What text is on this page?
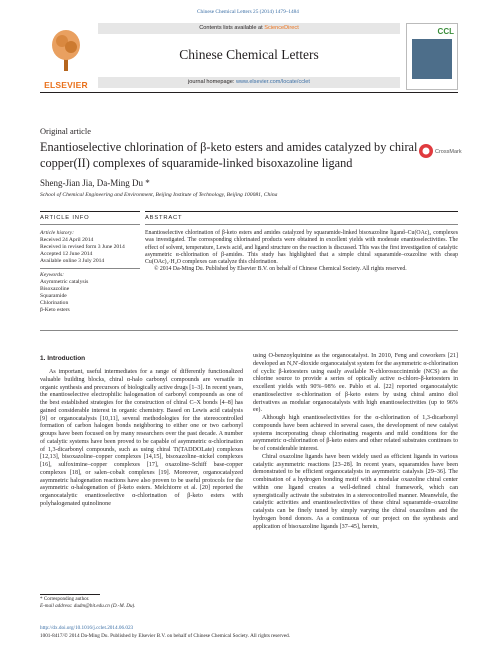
Chinese Chemical Letters 25 (2014) 1479–1484
ELSEVIER
Contents lists available at ScienceDirect
Chinese Chemical Letters
journal homepage: www.elsevier.com/locate/cclet
CCL
Original article
Enantioselective chlorination of β-keto esters and amides catalyzed by chiral copper(II) complexes of squaramide-linked bisoxazoline ligand
CrossMark
Sheng-Jian Jia, Da-Ming Du *
School of Chemical Engineering and Environment, Beijing Institute of Technology, Beijing 100081, China
ARTICLE INFO	ABSTRACT
Article history:
Received 24 April 2014
Received in revised form 3 June 2014
Accepted 12 June 2014
Available online 3 July 2014
Keywords:
Asymmetric catalysis
Bisoxazoline
Squaramide
Chlorination
β-Keto esters
Enantioselective chlorination of β-keto esters and amides catalyzed by squaramide-linked bisoxazoline ligand–Cu(OAc)₂ complexes was investigated. The corresponding chlorinated products were obtained in excellent yields with moderate enantioselectivities. The effect of solvent, temperature, Lewis acid, and ligand structure on the reaction is discussed. This was the first investigation of catalytic asymmetric α-chlorination of β-amides. This study has highlighted that a simple chiral squaramide–oxazoline with cheap Cu(OAc)₂·H₂O complexes can catalyze this chlorination.
© 2014 Da-Ming Du. Published by Elsevier B.V. on behalf of Chinese Chemical Society. All rights reserved.
1. Introduction

As important, useful intermediates for a range of differently functionalized valuable building blocks, chiral α-halo carbonyl compounds are versatile in organic synthesis and precursors of biologically active drugs [1–3]. In recent years, the enantioselective electrophilic halogenation of carbonyl compounds as one of the best established strategies for the construction of chiral C–X bonds [4–8] has gained considerable interest in organic chemistry. Based on Lewis acid catalysis [9] or organocatalysis [10,11], several methodologies for the stereocontrolled formation of carbon halogen bonds neighboring to either one or two carbonyl groups have been focused on by many researchers over the past decade. A number of catalytic systems have been proved to be capable of asymmetric α-chlorination of 1,3-dicarbonyl compounds, such as using chiral Ti(TADDOLate) complexes [12,13], bisoxazoline–copper complexes [14,15], bisoxazoline–nickel complexes [16], sulfoximine–copper complexes [17], oxazoline–Schiff base-copper complexes [18], or salen–cobalt complexes [19]. Moreover, organocatalyzed asymmetric halogenation reactions have also proven to be useful protocols for the asymmetric α-halogenation of β-keto esters. Melchiorre et al. [20] reported the organocatalytic enantioselective α-chlorination of β-keto esters with polyhalogenated quinolinone

using O-benzoylquinine as the organocatalyst. In 2010, Feng and coworkers [21] developed an N,N′-dioxide organocatalyst system for the asymmetric α-chlorination of cyclic β-ketoesters using easily available N-chlorosuccinimide (NCS) as the chlorine source to provide a series of optically active α-chloro-β-ketoesters in excellent yields with 90%–98% ee. Pablo et al. [22] reported organocatalytic enantioselective α-chlorination of β-keto esters by using chiral amino diol derivatives as modular organocatalysts with high enantioselectivities (up to 96% ee).

Although high enantioselectivities for the α-chlorination of 1,3-dicarbonyl compounds have been achieved in several cases, the development of new catalyst systems incorporating cheap chlorinating reagents and mild conditions for the asymmetric α-chlorination of β-keto esters and other related substrates continues to be of considerable interest.

Chiral oxazoline ligands have been widely used as efficient ligands in various catalytic asymmetric reactions [23–28]. In recent years, squaramides have been demonstrated to be efficient organocatalysts in asymmetric catalysis [29–36]. The combination of a hydrogen bonding motif with a modular oxazoline chiral center within one ligand creates a well-defined chiral framework, which can synergistically activate the substrates in a stereocontrolled manner. Meanwhile, the catalytic activities and enantioselectivities of these chiral squaramide–oxazoline catalysts can be finely tuned by simply varying the chiral oxazolines and the hydrogen bond donors. As a continuous of our project on the synthesis and application of bisoxazoline ligands [37–45], herein,

* Corresponding author.
E-mail address: dudm@bit.edu.cn (D.-M. Du).
http://dx.doi.org/10.1016/j.cclet.2014.06.023
1001-8417/© 2014 Da-Ming Du. Published by Elsevier B.V. on behalf of Chinese Chemical Society. All rights reserved.
